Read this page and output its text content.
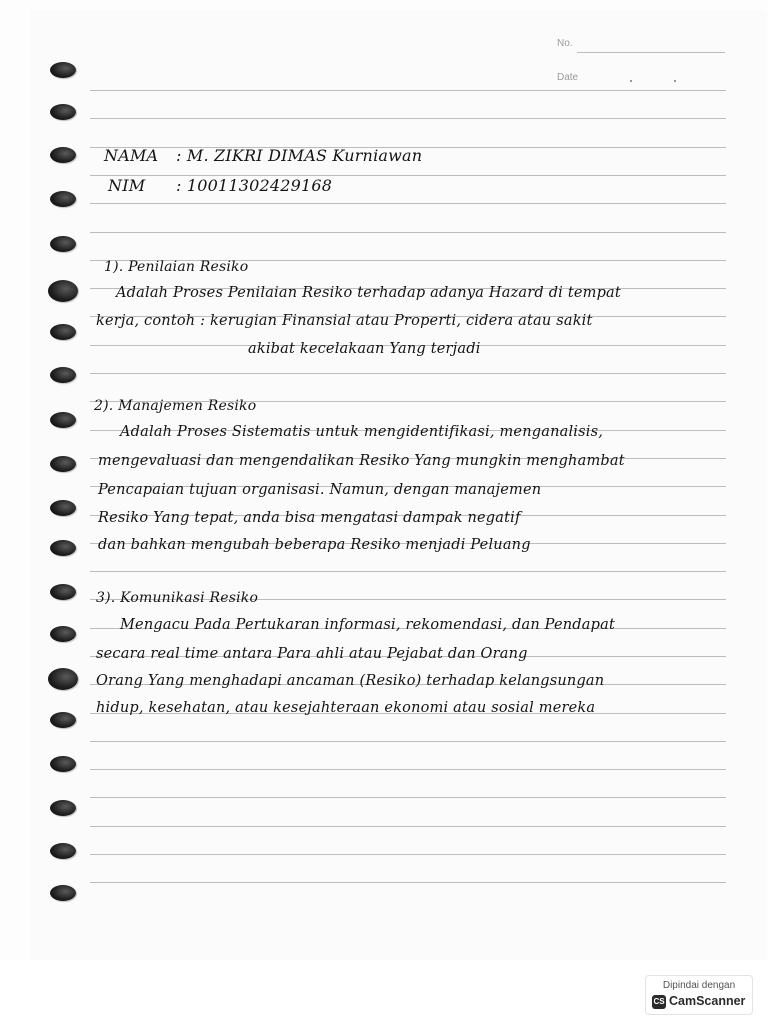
No.
Date
NAMA : M. ZIKRI DIMAS Kurniawan
NIM : 10011302429168
1). Penilaian Resiko
Adalah Proses Penilaian Resiko terhadap adanya Hazard di tempat
kerja, contoh : kerugian Finansial atau Properti, cidera atau sakit
akibat kecelakaan Yang terjadi
2). Manajemen Resiko
Adalah Proses Sistematis untuk mengidentifikasi, menganalisis,
mengevaluasi dan mengendalikan Resiko Yang mungkin menghambat
Pencapaian tujuan organisasi. Namun, dengan manajemen
Resiko Yang tepat, anda bisa mengatasi dampak negatif
dan bahkan mengubah beberapa Resiko menjadi Peluang
3). Komunikasi Resiko
Mengacu Pada Pertukaran informasi, rekomendasi, dan Pendapat
secara real time antara Para ahli atau Pejabat dan Orang
Orang Yang menghadapi ancaman (Resiko) terhadap kelangsungan
hidup, kesehatan, atau kesejahteraan ekonomi atau sosial mereka
Dipindai dengan
CS CamScanner
